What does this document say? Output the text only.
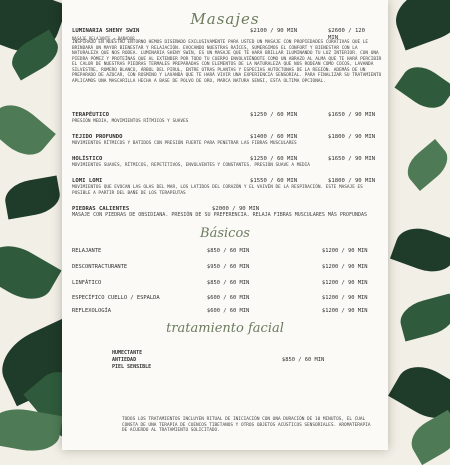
Masajes
LUMINARIA SHENY SWIN	$2100 / 90 MIN	$2600 / 120 MIN
MASAJE RELAJANTE + BAÑADOR
INSPIRADO EN NUESTRO ENTORNO HEMOS DISEÑADO EXCLUSIVAMENTE PARA USTED UN MASAJE CON PROPIEDADES CURATIVAS QUE LE BRINDARÁ UN MAYOR BIENESTAR Y RELAJACIÓN. EVOCANDO NUESTRAS RAÍCES, SUMERGIMOS EL CONFORT Y BIENESTAR CON LA NATURALEZA QUE NOS RODEA. LUMINARIA SHENY SWIN, ES UN MASAJE QUE TE HARÁ BRILLAR ILUMINANDO TU LUZ INTERIOR. CON UNA PIEDRA PÓMEZ Y PROTEÍNAS QUE AL EXTENDER POR TODO TU CUERPO ENVOLVIÉNDOTE COMO UN ABRAZO AL ALMA QUE TE HARÁ PERCIBIR EL CALOR DE NUESTRAS PIEDRAS TERMALES PREPARADAS CON ELEMENTOS DE LA NATURALEZA QUE NOS RODEAN COMO COCOS, LAVANDA SILVESTRE, ROMERO BLANCO, ÁRBOL DEL PIRUL, ENTRE OTRAS PLANTAS Y ESPECIAS AUTÓCTONAS DE LA REGIÓN. ADEMÁS DE UN PREPARADO DE AZÚCAR, CON ROSMINO Y LAVANDA QUE TE HARÁ VIVIR UNA EXPERIENCIA SENSORIAL. PARA FINALIZAR SU TRATAMIENTO APLICAMOS UNA MASCARILLA HECHA A BASE DE POLVO DE ORO, MARCA NATURA SENSI, ESTA ÚLTIMA OPCIONAL.
TERAPÉUTICO	$1250 / 60 MIN	$1650 / 90 MIN
PRESIÓN MEDIA, MOVIMIENTOS RÍTMICOS Y SUAVES
TEJIDO PROFUNDO	$1400 / 60 MIN	$1800 / 90 MIN
MOVIMIENTOS RÍTMICOS Y BATIDOS CON PRESIÓN FUERTE PARA PENETRAR LAS FIBRAS MUSCULARES
HOLÍSTICO	$1250 / 60 MIN	$1650 / 90 MIN
MOVIMIENTOS SUAVES, RÍTMICOS, REPETITIVOS, ENVOLVENTES Y CONSTANTES. PRESIÓN SUAVE A MEDIA
LOMI LOMI	$1550 / 60 MIN	$1800 / 90 MIN
MOVIMIENTOS QUE EVOCAN LAS OLAS DEL MAR, LOS LATIDOS DEL CORAZÓN Y EL VAIVÉN DE LA RESPIRACIÓN. ESTE MASAJE ES POSIBLE A PARTIR DEL BAÑE DE LOS TERAPEUTAS
PIEDRAS CALIENTES	$2000 / 90 MIN
MASAJE CON PIEDRAS DE OBSIDIANA. PRESIÓN DE SU PREFERENCIA. RELAJA FIBRAS MUSCULARES MÁS PROFUNDAS
Básicos
RELAJANTE	$850 / 60 MIN	$1200 / 90 MIN
DESCONTRACTURANTE	$950 / 60 MIN	$1200 / 90 MIN
LINFÁTICO	$850 / 60 MIN	$1200 / 90 MIN
ESPECÍFICO CUELLO / ESPALDA	$600 / 60 MIN	$1200 / 90 MIN
REFLEXOLOGÍA	$600 / 60 MIN	$1200 / 90 MIN
tratamiento facial
HUMECTANTE
ANTIEDAD
PIEL SENSIBLE
$850 / 60 MIN
TODOS LOS TRATAMIENTOS INCLUYEN RITUAL DE INICIACIÓN CON UNA DURACIÓN DE 10 MINUTOS, EL CUAL CONSTA DE UNA TERAPIA DE CUENCOS TIBETANOS Y OTROS OBJETOS ACÚSTICOS SENSORIALES. AROMATERAPIA DE ACUERDO AL TRATAMIENTO SOLICITADO.
